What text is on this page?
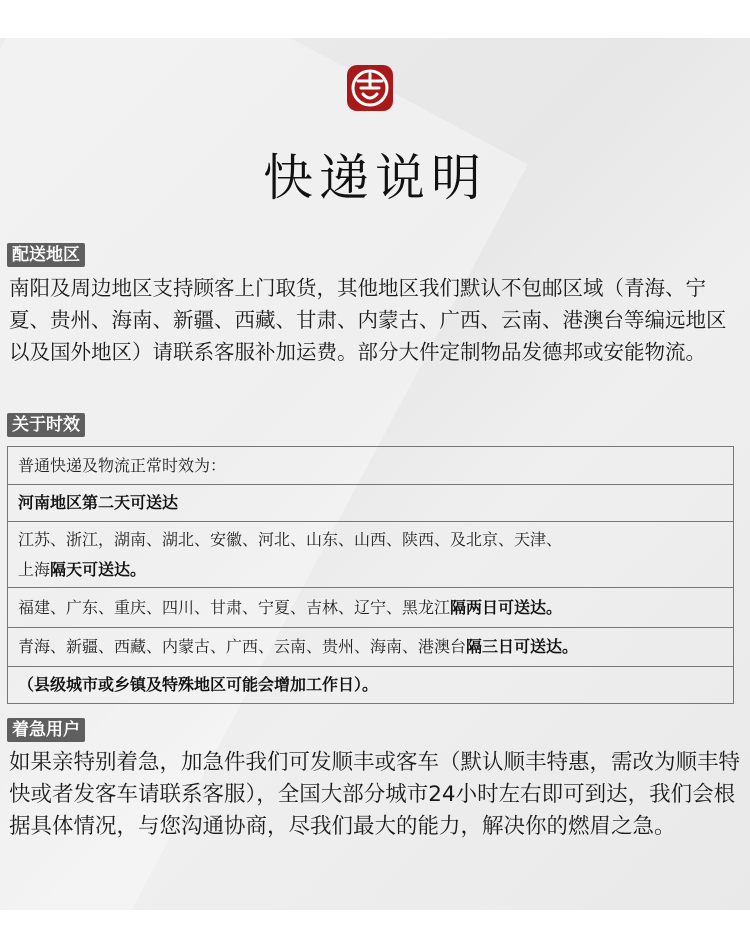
快递说明
配送地区

南阳及周边地区支持顾客上门取货，其他地区我们默认不包邮区域（青海、宁夏、贵州、海南、新疆、西藏、甘肃、内蒙古、广西、云南、港澳台等编远地区以及国外地区）请联系客服补加运费。部分大件定制物品发德邦或安能物流。

关于时效
普通快递及物流正常时效为：
河南地区第二天可送达
江苏、浙江，湖南、湖北、安徽、河北、山东、山西、陕西、及北京、天津、
上海隔天可送达。
福建、广东、重庆、四川、甘肃、宁夏、吉林、辽宁、黑龙江隔两日可送达。
青海、新疆、西藏、内蒙古、广西、云南、贵州、海南、港澳台隔三日可送达。
（县级城市或乡镇及特殊地区可能会增加工作日）。
着急用户

如果亲特别着急，加急件我们可发顺丰或客车（默认顺丰特惠，需改为顺丰特快或者发客车请联系客服），全国大部分城市24小时左右即可到达，我们会根据具体情况，与您沟通协商，尽我们最大的能力，解决你的燃眉之急。
